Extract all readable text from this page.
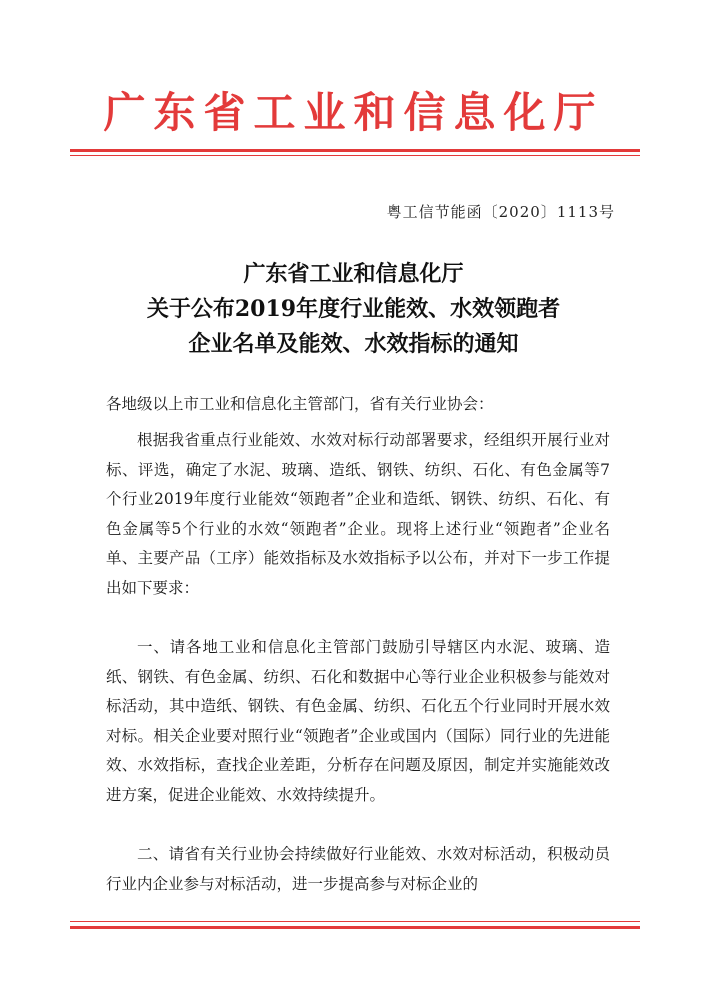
广东省工业和信息化厅
粤工信节能函〔2020〕1113号
广东省工业和信息化厅
关于公布2019年度行业能效、水效领跑者
企业名单及能效、水效指标的通知
各地级以上市工业和信息化主管部门，省有关行业协会：
根据我省重点行业能效、水效对标行动部署要求，经组织开展行业对标、评选，确定了水泥、玻璃、造纸、钢铁、纺织、石化、有色金属等7个行业2019年度行业能效“领跑者”企业和造纸、钢铁、纺织、石化、有色金属等5个行业的水效“领跑者”企业。现将上述行业“领跑者”企业名单、主要产品（工序）能效指标及水效指标予以公布，并对下一步工作提出如下要求：
一、请各地工业和信息化主管部门鼓励引导辖区内水泥、玻璃、造纸、钢铁、有色金属、纺织、石化和数据中心等行业企业积极参与能效对标活动，其中造纸、钢铁、有色金属、纺织、石化五个行业同时开展水效对标。相关企业要对照行业“领跑者”企业或国内（国际）同行业的先进能效、水效指标，查找企业差距，分析存在问题及原因，制定并实施能效改进方案，促进企业能效、水效持续提升。
二、请省有关行业协会持续做好行业能效、水效对标活动，积极动员行业内企业参与对标活动，进一步提高参与对标企业的
